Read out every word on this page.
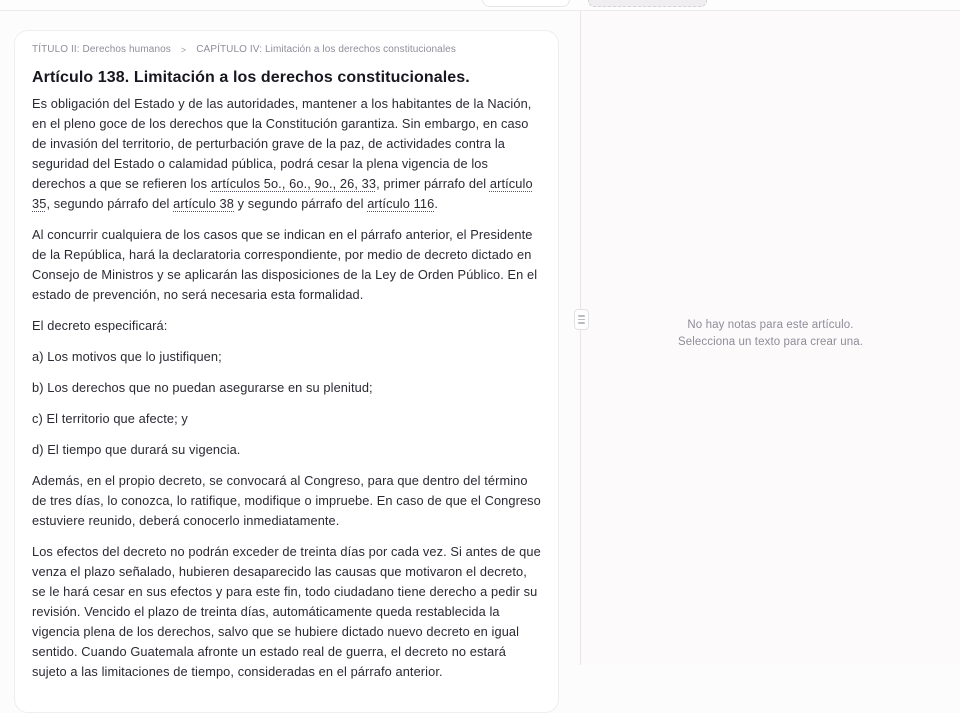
TÍTULO II: Derechos humanos > CAPÍTULO IV: Limitación a los derechos constitucionales
Artículo 138. Limitación a los derechos constitucionales.

Es obligación del Estado y de las autoridades, mantener a los habitantes de la Nación, en el pleno goce de los derechos que la Constitución garantiza. Sin embargo, en caso de invasión del territorio, de perturbación grave de la paz, de actividades contra la seguridad del Estado o calamidad pública, podrá cesar la plena vigencia de los derechos a que se refieren los artículos 5o., 6o., 9o., 26, 33, primer párrafo del artículo 35, segundo párrafo del artículo 38 y segundo párrafo del artículo 116.

Al concurrir cualquiera de los casos que se indican en el párrafo anterior, el Presidente de la República, hará la declaratoria correspondiente, por medio de decreto dictado en Consejo de Ministros y se aplicarán las disposiciones de la Ley de Orden Público. En el estado de prevención, no será necesaria esta formalidad.

El decreto especificará:

a) Los motivos que lo justifiquen;

b) Los derechos que no puedan asegurarse en su plenitud;

c) El territorio que afecte; y

d) El tiempo que durará su vigencia.

Además, en el propio decreto, se convocará al Congreso, para que dentro del término de tres días, lo conozca, lo ratifique, modifique o impruebe. En caso de que el Congreso estuviere reunido, deberá conocerlo inmediatamente.

Los efectos del decreto no podrán exceder de treinta días por cada vez. Si antes de que venza el plazo señalado, hubieren desaparecido las causas que motivaron el decreto, se le hará cesar en sus efectos y para este fin, todo ciudadano tiene derecho a pedir su revisión. Vencido el plazo de treinta días, automáticamente queda restablecida la vigencia plena de los derechos, salvo que se hubiere dictado nuevo decreto en igual sentido. Cuando Guatemala afronte un estado real de guerra, el decreto no estará sujeto a las limitaciones de tiempo, consideradas en el párrafo anterior.

No hay notas para este artículo.
Selecciona un texto para crear una.
